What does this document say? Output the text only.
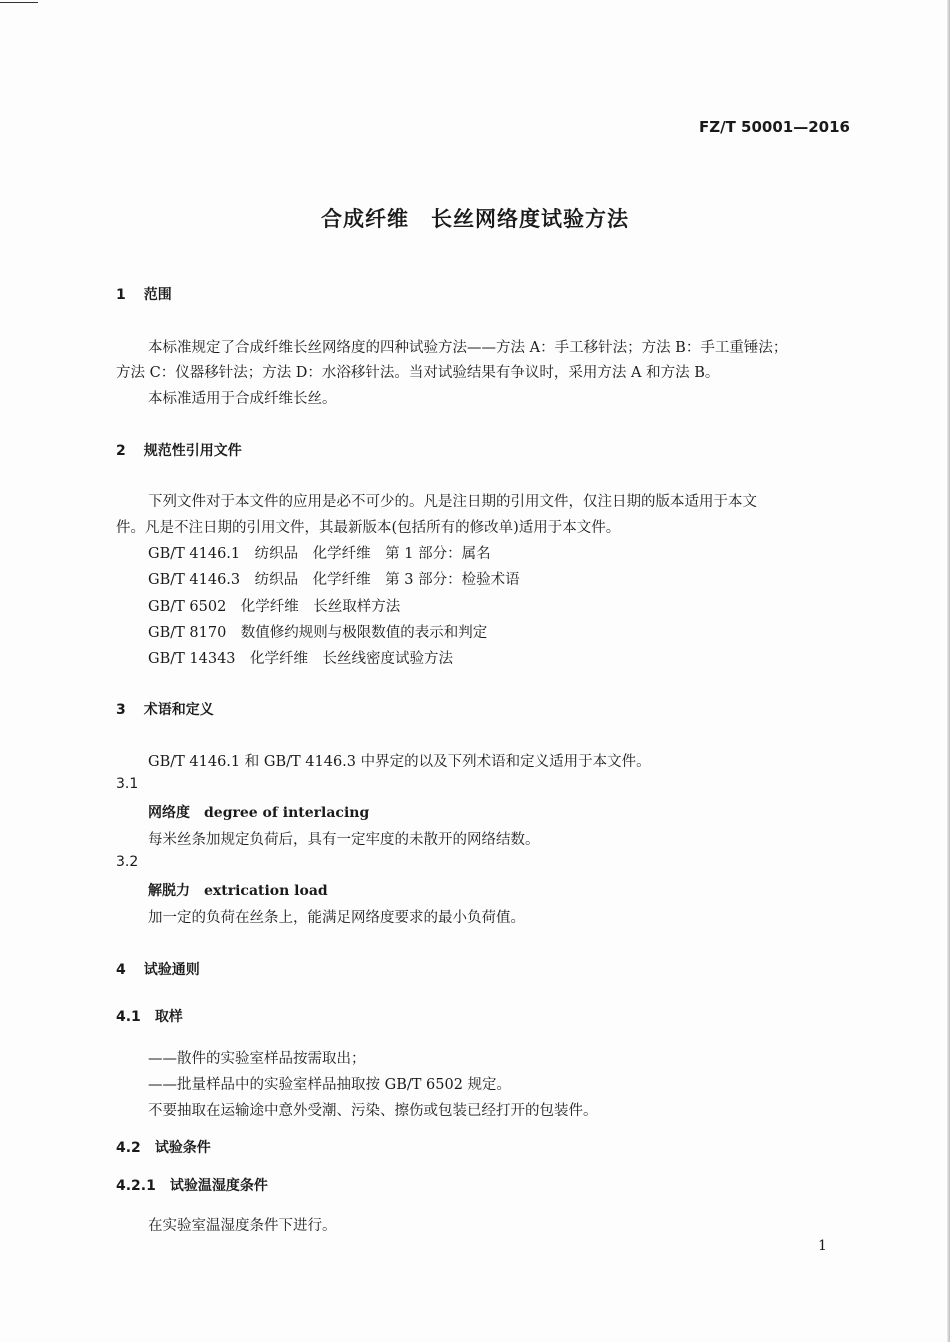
FZ/T 50001—2016
合成纤维　长丝网络度试验方法
1 范围
本标准规定了合成纤维长丝网络度的四种试验方法——方法 A：手工移针法；方法 B：手工重锤法；
方法 C：仪器移针法；方法 D：水浴移针法。当对试验结果有争议时，采用方法 A 和方法 B。
本标准适用于合成纤维长丝。
2 规范性引用文件
下列文件对于本文件的应用是必不可少的。凡是注日期的引用文件，仅注日期的版本适用于本文
件。凡是不注日期的引用文件，其最新版本(包括所有的修改单)适用于本文件。
GB/T 4146.1　纺织品　化学纤维　第 1 部分：属名
GB/T 4146.3　纺织品　化学纤维　第 3 部分：检验术语
GB/T 6502　化学纤维　长丝取样方法
GB/T 8170　数值修约规则与极限数值的表示和判定
GB/T 14343　化学纤维　长丝线密度试验方法
3 术语和定义
GB/T 4146.1 和 GB/T 4146.3 中界定的以及下列术语和定义适用于本文件。
3.1
网络度　degree of interlacing
每米丝条加规定负荷后，具有一定牢度的未散开的网络结数。
3.2
解脱力　extrication load
加一定的负荷在丝条上，能满足网络度要求的最小负荷值。
4 试验通则
4.1 取样
——散件的实验室样品按需取出；
——批量样品中的实验室样品抽取按 GB/T 6502 规定。
不要抽取在运输途中意外受潮、污染、擦伤或包装已经打开的包装件。
4.2 试验条件
4.2.1 试验温湿度条件
在实验室温湿度条件下进行。
1
